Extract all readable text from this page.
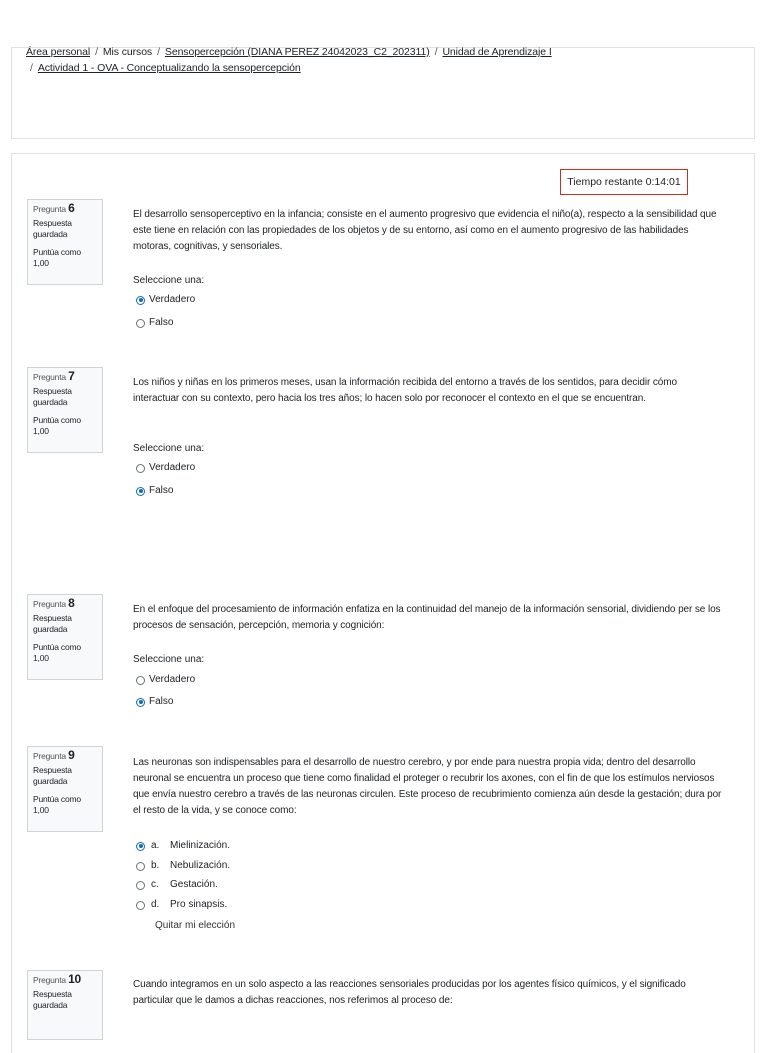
Área personal / Mis cursos / Sensopercepción (DIANA PEREZ 24042023_C2_202311) / Unidad de Aprendizaje I
/ Actividad 1 - OVA - Conceptualizando la sensopercepción
Tiempo restante 0:14:01
Pregunta 6
Respuesta guardada
Puntúa como 1,00
El desarrollo sensoperceptivo en la infancia; consiste en el aumento progresivo que evidencia el niño(a), respecto a la sensibilidad que este tiene en relación con las propiedades de los objetos y de su entorno, así como en el aumento progresivo de las habilidades motoras, cognitivas, y sensoriales.
Seleccione una:
Verdadero
Falso
Pregunta 7
Respuesta guardada
Puntúa como 1,00
Los niños y niñas en los primeros meses, usan la información recibida del entorno a través de los sentidos, para decidir cómo interactuar con su contexto, pero hacia los tres años; lo hacen solo por reconocer el contexto en el que se encuentran.
Seleccione una:
Verdadero
Falso
Pregunta 8
Respuesta guardada
Puntúa como 1,00
En el enfoque del procesamiento de información enfatiza en la continuidad del manejo de la información sensorial, dividiendo per se los procesos de sensación, percepción, memoria y cognición:
Seleccione una:
Verdadero
Falso
Pregunta 9
Respuesta guardada
Puntúa como 1,00
Las neuronas son indispensables para el desarrollo de nuestro cerebro, y por ende para nuestra propia vida; dentro del desarrollo neuronal se encuentra un proceso que tiene como finalidad el proteger o recubrir los axones, con el fin de que los estímulos nerviosos que envía nuestro cerebro a través de las neuronas circulen. Este proceso de recubrimiento comienza aún desde la gestación; dura por el resto de la vida, y se conoce como:
a.	Mielinización.
b.	Nebulización.
c.	Gestación.
d.	Pro sinapsis.
Quitar mi elección
Pregunta 10
Respuesta guardada
Cuando integramos en un solo aspecto a las reacciones sensoriales producidas por los agentes físico químicos, y el significado particular que le damos a dichas reacciones, nos referimos al proceso de:
